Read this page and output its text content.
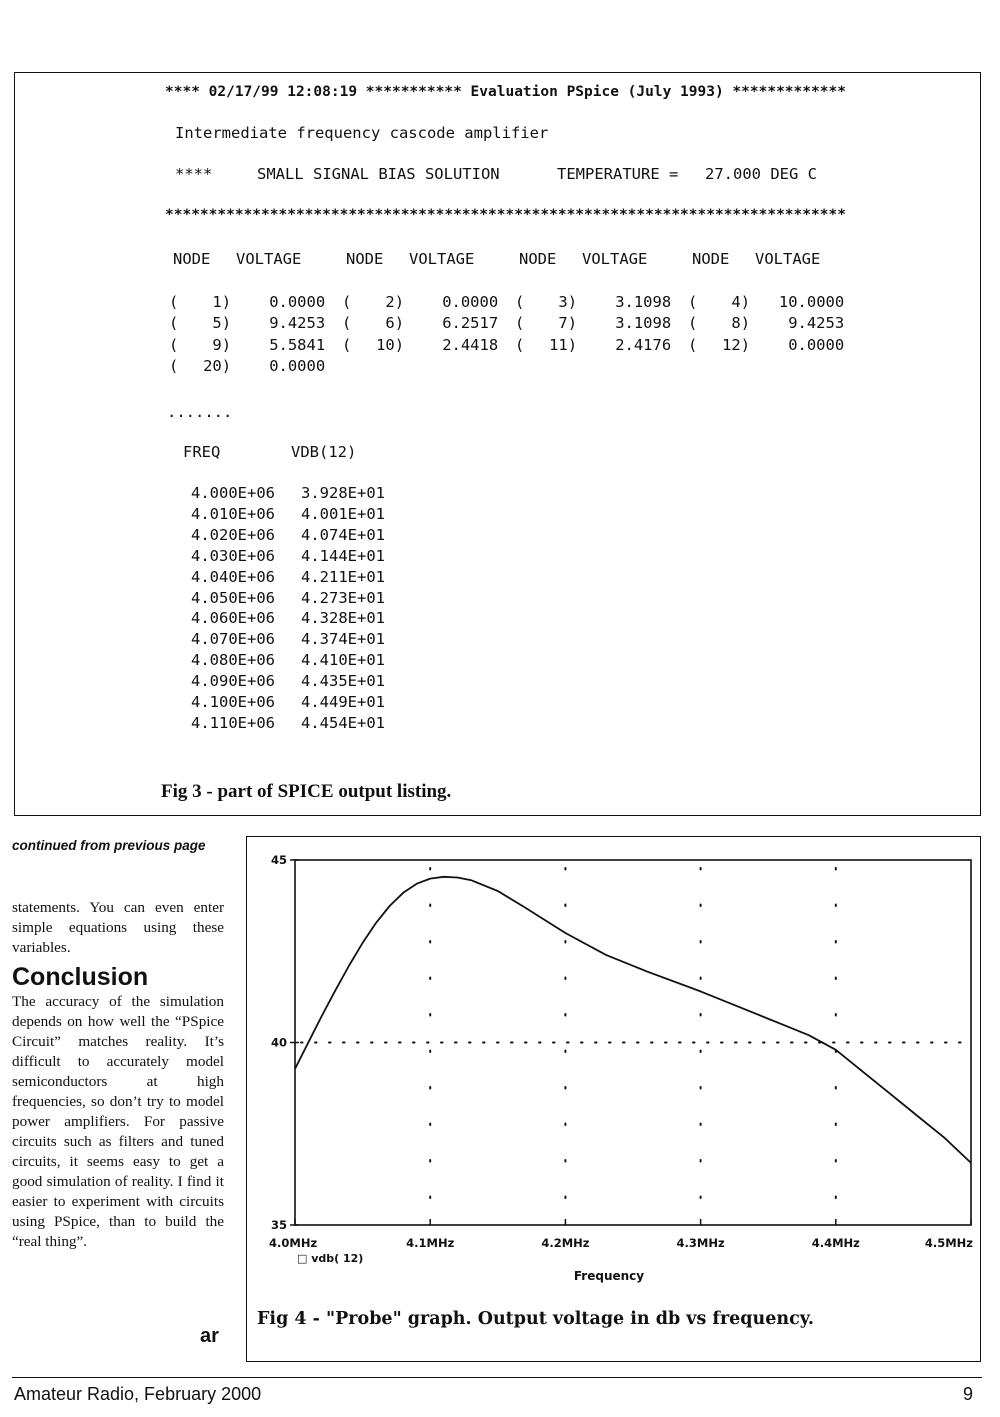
**** 02/17/99 12:08:19 *********** Evaluation PSpice (July 1993) *************
Intermediate frequency cascode amplifier
****	SMALL SIGNAL BIAS SOLUTION	TEMPERATURE = 27.000 DEG C
******************************************************************************
NODE VOLTAGE	NODE VOLTAGE	NODE VOLTAGE	NODE VOLTAGE
( 1) 0.0000 ( 2) 0.0000 ( 3) 3.1098 ( 4) 10.0000
( 5) 9.4253 ( 6) 6.2517 ( 7) 3.1098 ( 8) 9.4253
( 9) 5.5841 ( 10) 2.4418 ( 11) 2.4176 ( 12) 0.0000
( 20) 0.0000
.......
FREQ	VDB(12)
4.000E+06 3.928E+01
4.010E+06 4.001E+01
4.020E+06 4.074E+01
4.030E+06 4.144E+01
4.040E+06 4.211E+01
4.050E+06 4.273E+01
4.060E+06 4.328E+01
4.070E+06 4.374E+01
4.080E+06 4.410E+01
4.090E+06 4.435E+01
4.100E+06 4.449E+01
4.110E+06 4.454E+01
Fig 3 - part of SPICE output listing.
continued from previous page

statements. You can even enter simple equations using these variables.

Conclusion

The accuracy of the simulation depends on how well the “PSpice Circuit” matches reality. It’s difficult to accurately model semiconductors at high frequencies, so don’t try to model power amplifiers. For passive circuits such as filters and tuned circuits, it seems easy to get a good simulation of reality. I find it easier to experiment with circuits using PSpice, than to build the “real thing”.

ar
4.0MHz	4.1MHz	4.2MHz	4.3MHz	4.4MHz	4.5MHz
35
40
45
□ vdb( 12)
Frequency
Fig 4 - "Probe" graph. Output voltage in db vs frequency.
Amateur Radio, February 2000	9
